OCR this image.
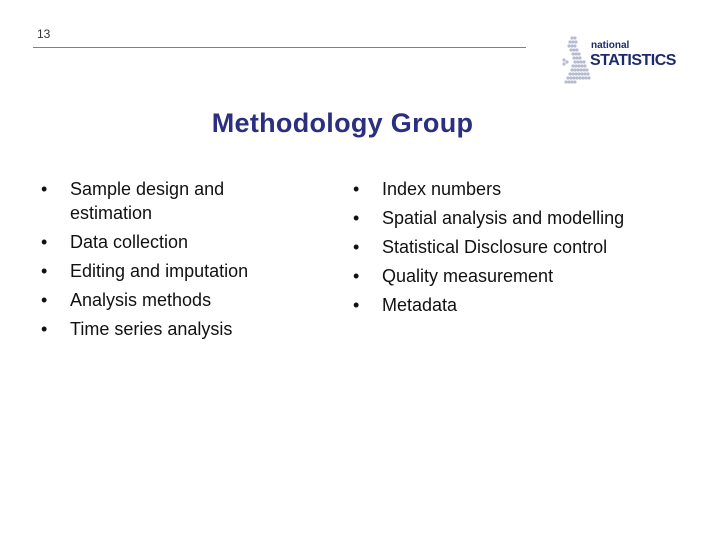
13
national
STATISTICS
Methodology Group
• Sample design and estimation
• Data collection
• Editing and imputation
• Analysis methods
• Time series analysis
• Index numbers
• Spatial analysis and modelling
• Statistical Disclosure control
• Quality measurement
• Metadata
